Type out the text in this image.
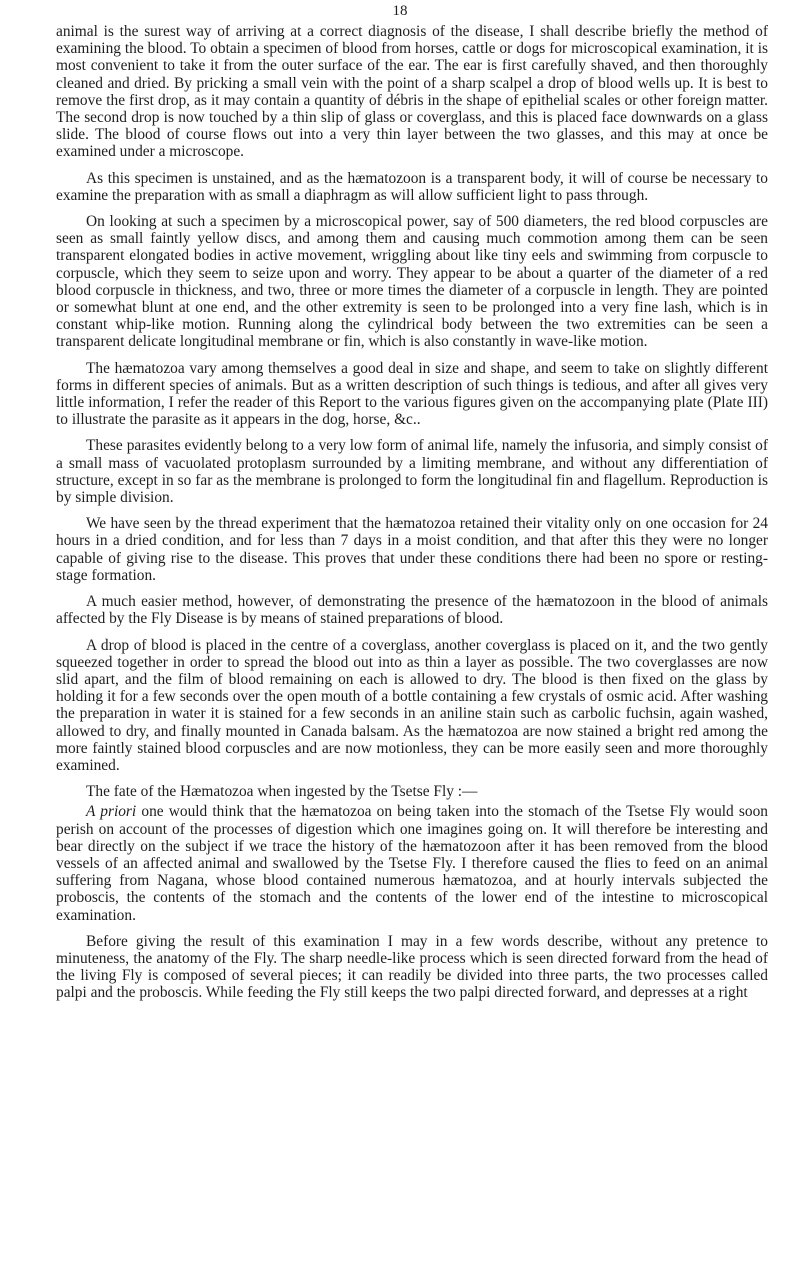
18

animal is the surest way of arriving at a correct diagnosis of the disease, I shall describe briefly the method of examining the blood. To obtain a specimen of blood from horses, cattle or dogs for microscopical examination, it is most convenient to take it from the outer surface of the ear. The ear is first carefully shaved, and then thoroughly cleaned and dried. By pricking a small vein with the point of a sharp scalpel a drop of blood wells up. It is best to remove the first drop, as it may contain a quantity of débris in the shape of epithelial scales or other foreign matter. The second drop is now touched by a thin slip of glass or coverglass, and this is placed face downwards on a glass slide. The blood of course flows out into a very thin layer between the two glasses, and this may at once be examined under a microscope.

As this specimen is unstained, and as the hæmatozoon is a transparent body, it will of course be necessary to examine the preparation with as small a diaphragm as will allow sufficient light to pass through.

On looking at such a specimen by a microscopical power, say of 500 diameters, the red blood corpuscles are seen as small faintly yellow discs, and among them and causing much commotion among them can be seen transparent elongated bodies in active movement, wriggling about like tiny eels and swimming from corpuscle to corpuscle, which they seem to seize upon and worry. They appear to be about a quarter of the diameter of a red blood corpuscle in thickness, and two, three or more times the diameter of a corpuscle in length. They are pointed or somewhat blunt at one end, and the other extremity is seen to be prolonged into a very fine lash, which is in constant whip-like motion. Running along the cylindrical body between the two extremities can be seen a transparent delicate longitudinal membrane or fin, which is also constantly in wave-like motion.

The hæmatozoa vary among themselves a good deal in size and shape, and seem to take on slightly different forms in different species of animals. But as a written description of such things is tedious, and after all gives very little information, I refer the reader of this Report to the various figures given on the accompanying plate (Plate III) to illustrate the parasite as it appears in the dog, horse, &c..

These parasites evidently belong to a very low form of animal life, namely the infusoria, and simply consist of a small mass of vacuolated protoplasm surrounded by a limiting membrane, and without any differentiation of structure, except in so far as the membrane is prolonged to form the longitudinal fin and flagellum. Reproduction is by simple division.

We have seen by the thread experiment that the hæmatozoa retained their vitality only on one occasion for 24 hours in a dried condition, and for less than 7 days in a moist condition, and that after this they were no longer capable of giving rise to the disease. This proves that under these conditions there had been no spore or resting-stage formation.

A much easier method, however, of demonstrating the presence of the hæmatozoon in the blood of animals affected by the Fly Disease is by means of stained preparations of blood.

A drop of blood is placed in the centre of a coverglass, another coverglass is placed on it, and the two gently squeezed together in order to spread the blood out into as thin a layer as possible. The two coverglasses are now slid apart, and the film of blood remaining on each is allowed to dry. The blood is then fixed on the glass by holding it for a few seconds over the open mouth of a bottle containing a few crystals of osmic acid. After washing the preparation in water it is stained for a few seconds in an aniline stain such as carbolic fuchsin, again washed, allowed to dry, and finally mounted in Canada balsam. As the hæmatozoa are now stained a bright red among the more faintly stained blood corpuscles and are now motionless, they can be more easily seen and more thoroughly examined.

The fate of the Hæmatozoa when ingested by the Tsetse Fly :—

A priori one would think that the hæmatozoa on being taken into the stomach of the Tsetse Fly would soon perish on account of the processes of digestion which one imagines going on. It will therefore be interesting and bear directly on the subject if we trace the history of the hæmatozoon after it has been removed from the blood vessels of an affected animal and swallowed by the Tsetse Fly. I therefore caused the flies to feed on an animal suffering from Nagana, whose blood contained numerous hæmatozoa, and at hourly intervals subjected the proboscis, the contents of the stomach and the contents of the lower end of the intestine to microscopical examination.

Before giving the result of this examination I may in a few words describe, without any pretence to minuteness, the anatomy of the Fly. The sharp needle-like process which is seen directed forward from the head of the living Fly is composed of several pieces; it can readily be divided into three parts, the two processes called palpi and the proboscis. While feeding the Fly still keeps the two palpi directed forward, and depresses at a right
